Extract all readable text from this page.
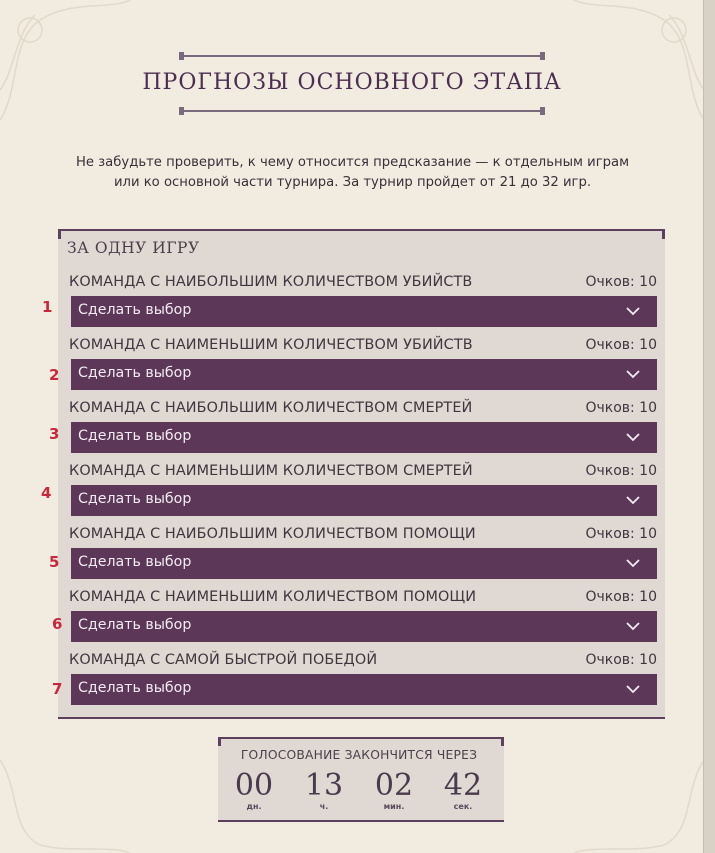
ПРОГНОЗЫ ОСНОВНОГО ЭТАПА
Не забудьте проверить, к чему относится предсказание — к отдельным играм или ко основной части турнира. За турнир пройдет от 21 до 32 игр.
ЗА ОДНУ ИГРУ
КОМАНДА С НАИБОЛЬШИМ КОЛИЧЕСТВОМ УБИЙСТВ	Очков: 10
Сделать выбор
КОМАНДА С НАИМЕНЬШИМ КОЛИЧЕСТВОМ УБИЙСТВ	Очков: 10
Сделать выбор
КОМАНДА С НАИБОЛЬШИМ КОЛИЧЕСТВОМ СМЕРТЕЙ	Очков: 10
Сделать выбор
КОМАНДА С НАИМЕНЬШИМ КОЛИЧЕСТВОМ СМЕРТЕЙ	Очков: 10
Сделать выбор
КОМАНДА С НАИБОЛЬШИМ КОЛИЧЕСТВОМ ПОМОЩИ	Очков: 10
Сделать выбор
КОМАНДА С НАИМЕНЬШИМ КОЛИЧЕСТВОМ ПОМОЩИ	Очков: 10
Сделать выбор
КОМАНДА С САМОЙ БЫСТРОЙ ПОБЕДОЙ	Очков: 10
Сделать выбор
1
2
3
4
5
6
7
ГОЛОСОВАНИЕ ЗАКОНЧИТСЯ ЧЕРЕЗ
00
дн.
13
ч.
02
мин.
42
сек.
